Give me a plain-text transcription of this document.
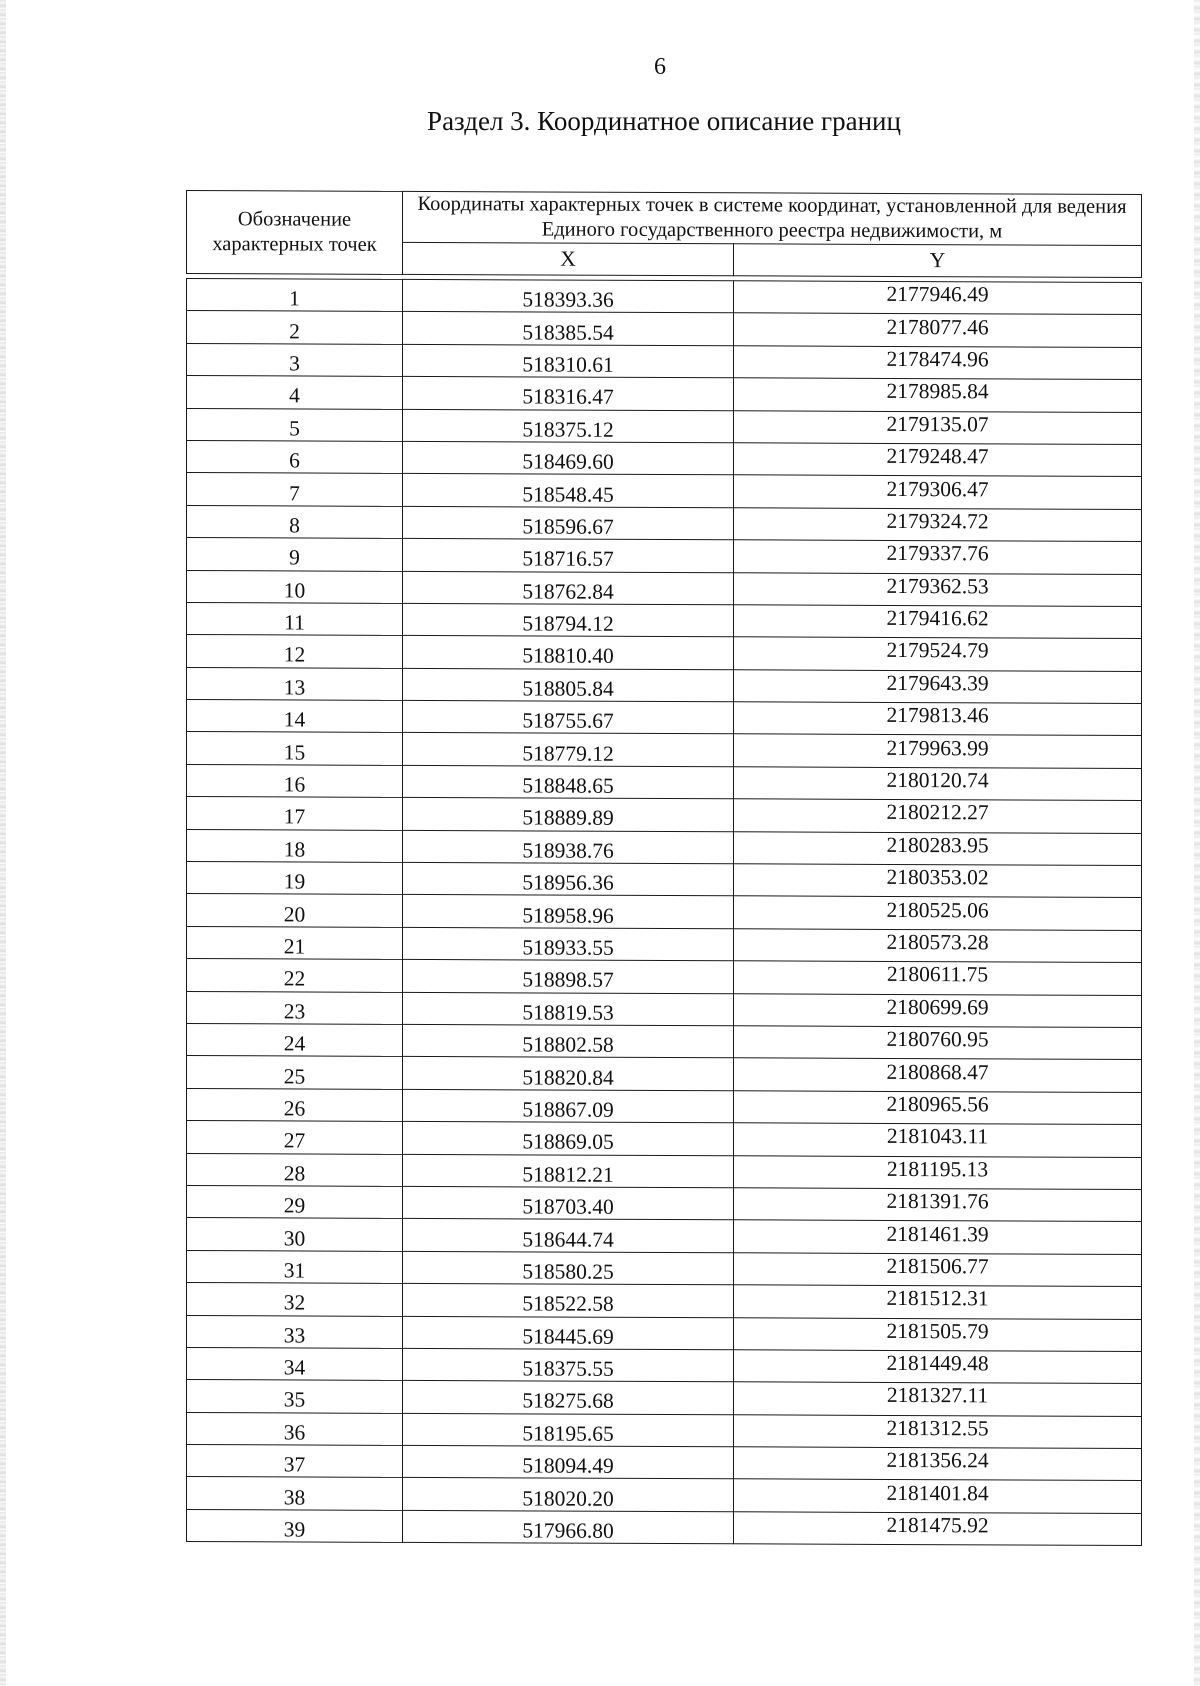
6
Раздел 3. Координатное описание границ
Обозначение характерных точек	Координаты характерных точек в системе координат, установленной для ведения Единого государственного реестра недвижимости, м	
	X	Y

1	518393.36	2177946.49
2	518385.54	2178077.46
3	518310.61	2178474.96
4	518316.47	2178985.84
5	518375.12	2179135.07
6	518469.60	2179248.47
7	518548.45	2179306.47
8	518596.67	2179324.72
9	518716.57	2179337.76
10	518762.84	2179362.53
11	518794.12	2179416.62
12	518810.40	2179524.79
13	518805.84	2179643.39
14	518755.67	2179813.46
15	518779.12	2179963.99
16	518848.65	2180120.74
17	518889.89	2180212.27
18	518938.76	2180283.95
19	518956.36	2180353.02
20	518958.96	2180525.06
21	518933.55	2180573.28
22	518898.57	2180611.75
23	518819.53	2180699.69
24	518802.58	2180760.95
25	518820.84	2180868.47
26	518867.09	2180965.56
27	518869.05	2181043.11
28	518812.21	2181195.13
29	518703.40	2181391.76
30	518644.74	2181461.39
31	518580.25	2181506.77
32	518522.58	2181512.31
33	518445.69	2181505.79
34	518375.55	2181449.48
35	518275.68	2181327.11
36	518195.65	2181312.55
37	518094.49	2181356.24
38	518020.20	2181401.84
39	517966.80	2181475.92
